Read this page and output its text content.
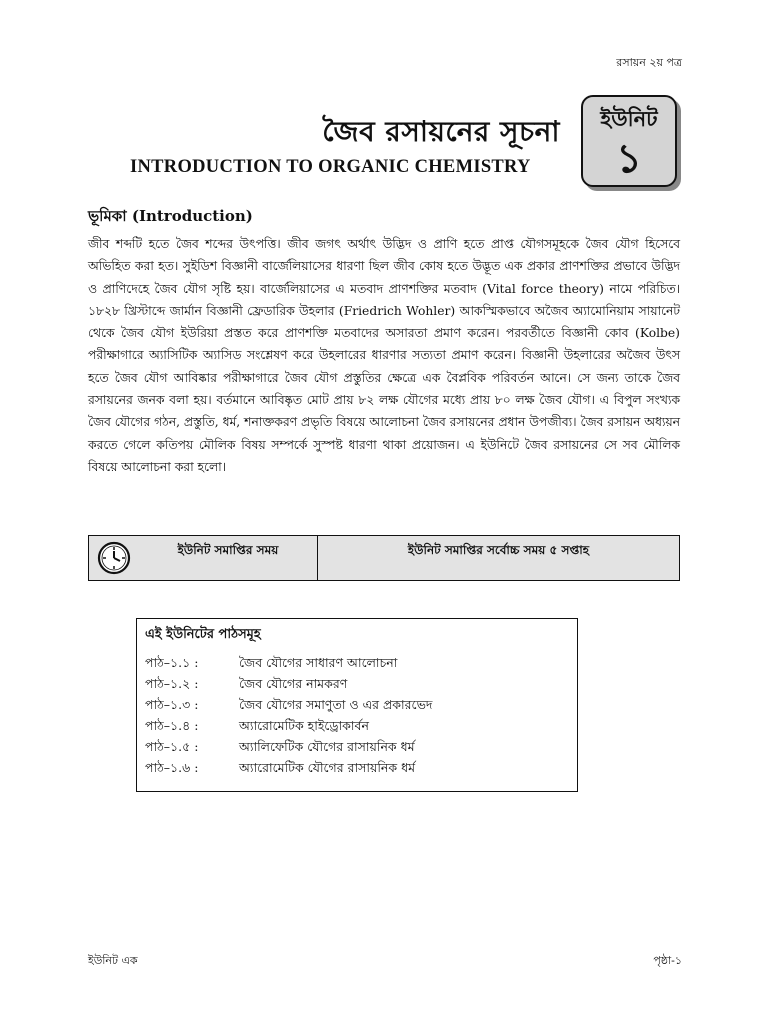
রসায়ন ২য় পত্র
জৈব রসায়নের সূচনা
INTRODUCTION TO ORGANIC CHEMISTRY
ইউনিট
১
ভূমিকা (Introduction)
জীব শব্দটি হতে জৈব শব্দের উৎপত্তি। জীব জগৎ অর্থাৎ উদ্ভিদ ও প্রাণি হতে প্রাপ্ত যৌগসমূহকে জৈব যৌগ হিসেবে অভিহিত করা হত। সুইডিশ বিজ্ঞানী বার্জেলিয়াসের ধারণা ছিল জীব কোষ হতে উদ্ভূত এক প্রকার প্রাণশক্তির প্রভাবে উদ্ভিদ ও প্রাণিদেহে জৈব যৌগ সৃষ্টি হয়। বার্জেলিয়াসের এ মতবাদ প্রাণশক্তির মতবাদ (Vital force theory) নামে পরিচিত। ১৮২৮ খ্রিস্টাব্দে জার্মান বিজ্ঞানী ফ্রেডারিক উহলার (Friedrich Wohler) আকস্মিকভাবে অজৈব অ্যামোনিয়াম সায়ানেট থেকে জৈব যৌগ ইউরিয়া প্রস্তত করে প্রাণশক্তি মতবাদের অসারতা প্রমাণ করেন। পরবর্তীতে বিজ্ঞানী কোব (Kolbe) পরীক্ষাগারে অ্যাসিটিক অ্যাসিড সংশ্লেষণ করে উহলারের ধারণার সত্যতা প্রমাণ করেন। বিজ্ঞানী উহলারের অজৈব উৎস হতে জৈব যৌগ আবিষ্কার পরীক্ষাগারে জৈব যৌগ প্রস্তুতির ক্ষেত্রে এক বৈপ্লবিক পরিবর্তন আনে। সে জন্য তাকে জৈব রসায়নের জনক বলা হয়। বর্তমানে আবিষ্কৃত মোট প্রায় ৮২ লক্ষ যৌগের মধ্যে প্রায় ৮০ লক্ষ জৈব যৌগ। এ বিপুল সংখ্যক জৈব যৌগের গঠন, প্রস্তুতি, ধর্ম, শনাক্তকরণ প্রভৃতি বিষয়ে আলোচনা জৈব রসায়নের প্রধান উপজীব্য। জৈব রসায়ন অধ্যয়ন করতে গেলে কতিপয় মৌলিক বিষয় সম্পর্কে সুস্পষ্ট ধারণা থাকা প্রয়োজন। এ ইউনিটে জৈব রসায়নের সে সব মৌলিক বিষয়ে আলোচনা করা হলো।
ইউনিট সমাপ্তির সময়	ইউনিট সমাপ্তির সর্বোচ্চ সময় ৫ সপ্তাহ
এই ইউনিটের পাঠসমূহ
পাঠ–১.১ :	জৈব যৌগের সাধারণ আলোচনা
পাঠ–১.২ :	জৈব যৌগের নামকরণ
পাঠ–১.৩ :	জৈব যৌগের সমাণুতা ও এর প্রকারভেদ
পাঠ–১.৪ :	অ্যারোমেটিক হাইড্রোকার্বন
পাঠ–১.৫ :	অ্যালিফেটিক যৌগের রাসায়নিক ধর্ম
পাঠ–১.৬ :	অ্যারোমেটিক যৌগের রাসায়নিক ধর্ম
ইউনিট এক	পৃষ্ঠা-১
